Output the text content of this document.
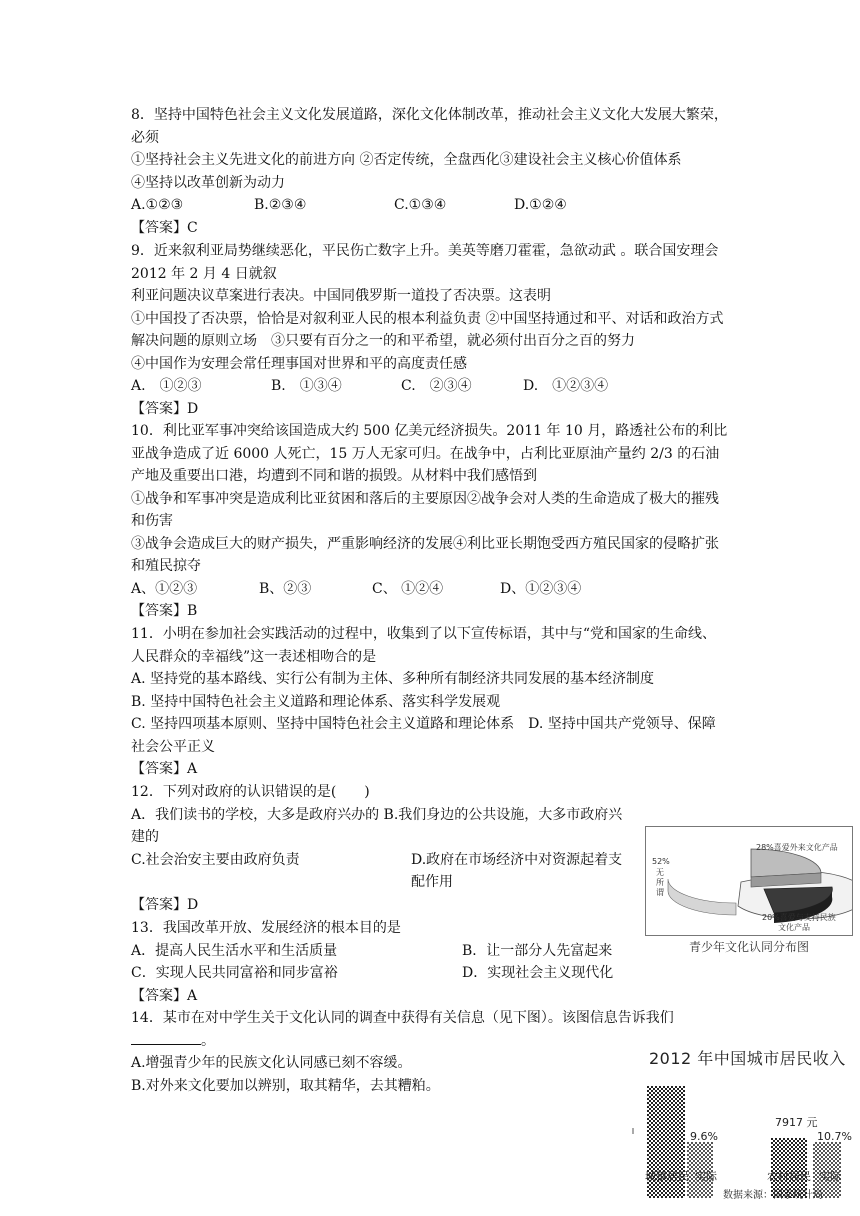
8．坚持中国特色社会主义文化发展道路，深化文化体制改革，推动社会主义文化大发展大繁荣，必须

①坚持社会主义先进文化的前进方向 ②否定传统，全盘西化③建设社会主义核心价值体系

④坚持以改革创新为动力

A.①②③	B.②③④	C.①③④	D.①②④

【答案】C

9．近来叙利亚局势继续恶化，平民伤亡数字上升。美英等磨刀霍霍，急欲动武 。联合国安理会 2012 年 2 月 4 日就叙

利亚问题决议草案进行表决。中国同俄罗斯一道投了否决票。这表明

①中国投了否决票，恰恰是对叙利亚人民的根本利益负责 ②中国坚持通过和平、对话和政治方式解决问题的原则立场　③只要有百分之一的和平希望，就必须付出百分之百的努力

④中国作为安理会常任理事国对世界和平的高度责任感

A.　①②③	B.　①③④	C.　②③④	D.　①②③④

【答案】D

10．利比亚军事冲突给该国造成大约 500 亿美元经济损失。2011 年 10 月，路透社公布的利比亚战争造成了近 6000 人死亡，15 万人无家可归。在战争中，占利比亚原油产量约 2/3 的石油产地及重要出口港，均遭到不同和谐的损毁。从材料中我们感悟到

①战争和军事冲突是造成利比亚贫困和落后的主要原因②战争会对人类的生命造成了极大的摧残和伤害

③战争会造成巨大的财产损失，严重影响经济的发展④利比亚长期饱受西方殖民国家的侵略扩张和殖民掠夺

A、①②③	B、②③	C、 ①②④	D、①②③④

【答案】B

11．小明在参加社会实践活动的过程中，收集到了以下宣传标语，其中与“党和国家的生命线、人民群众的幸福线”这一表述相吻合的是

A. 坚持党的基本路线、实行公有制为主体、多种所有制经济共同发展的基本经济制度

B. 坚持中国特色社会主义道路和理论体系、落实科学发展观

C. 坚持四项基本原则、坚持中国特色社会主义道路和理论体系　D. 坚持中国共产党领导、保障社会公平正义

【答案】A

12．下列对政府的认识错误的是(　　)

A．我们读书的学校，大多是政府兴办的 B.我们身边的公共设施，大多市政府兴建的

C.社会治安主要由政府负责	D.政府在市场经济中对资源起着支配作用

【答案】D

13．我国改革开放、发展经济的根本目的是

A．提高人民生活水平和生活质量	B．让一部分人先富起来
C．实现人民共同富裕和同步富裕	D．实现社会主义现代化

【答案】A

14．某市在对中学生关于文化认同的调查中获得有关信息（见下图）。该图信息告诉我们。

A.增强青少年的民族文化认同感已刻不容缓。

B.对外来文化要加以辨别，取其精华，去其糟粕。

52%
无
所
谓
28%喜爱外来文化产品
20%喜爱与支持民族
文化产品
青少年文化认同分布图
2012 年中国城市居民收入
9.6%
7917 元
10.7%
城镇居民 实际	农村居民 实际
数据来源：国家统计局
